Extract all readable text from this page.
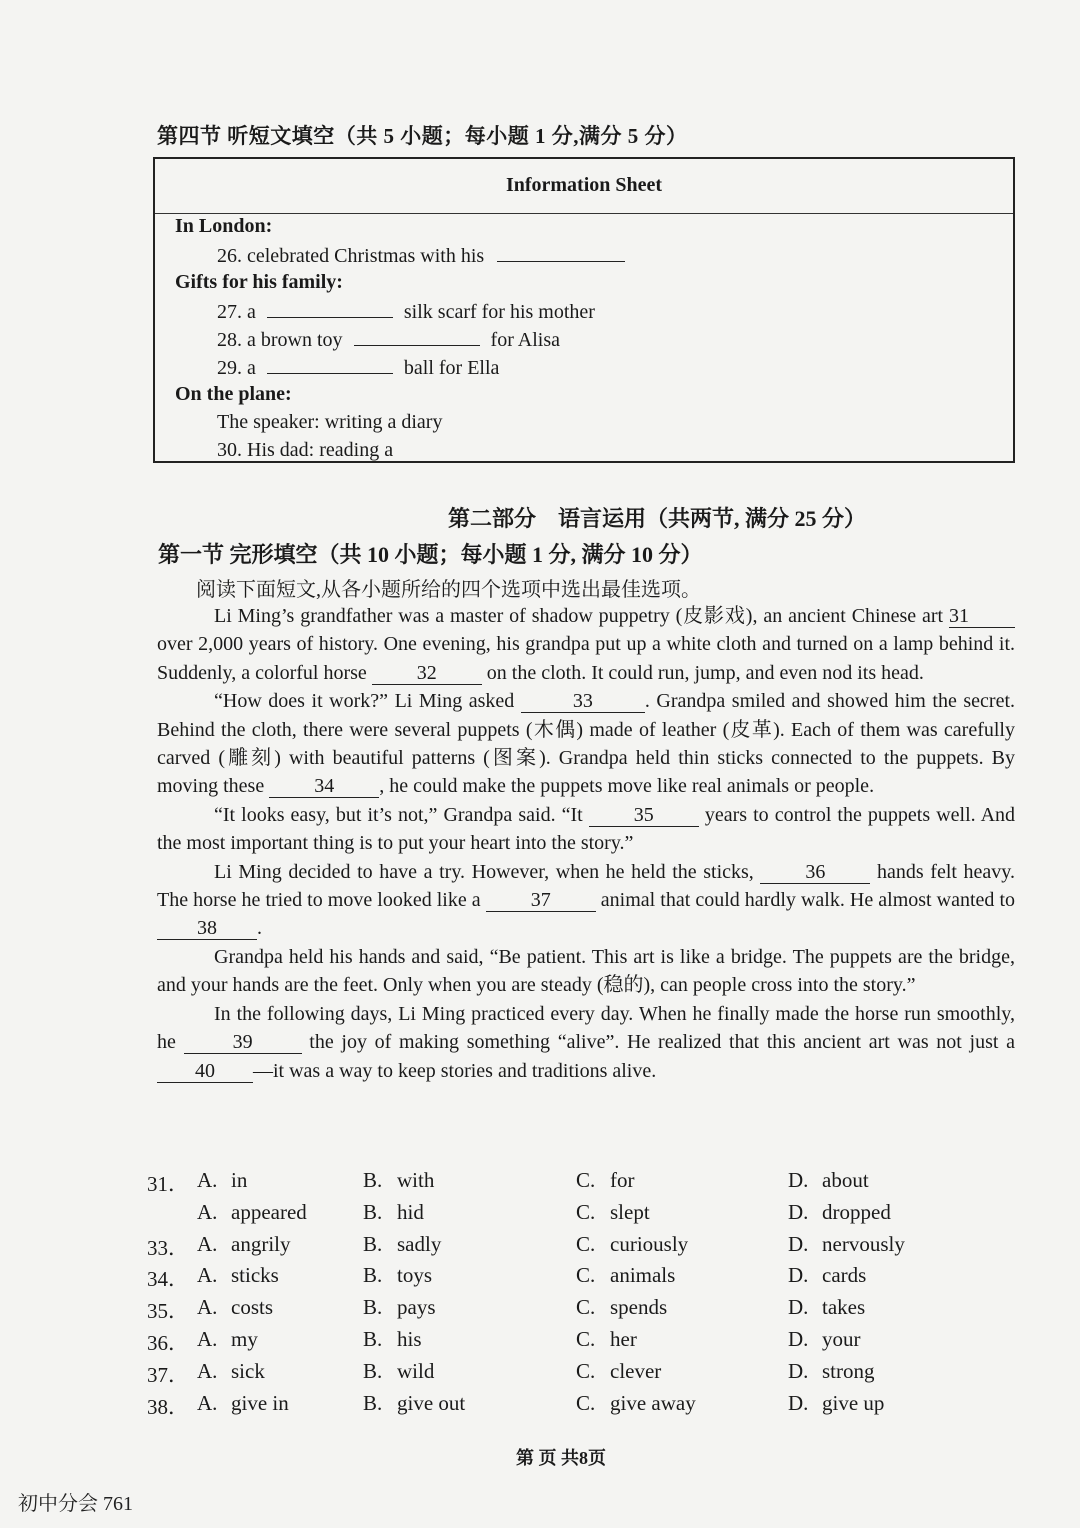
第四节 听短文填空（共 5 小题；每小题 1 分,满分 5 分）
Information Sheet
In London:
26. celebrated Christmas with his
Gifts for his family:
27. a	silk scarf for his mother
28. a brown toy	for Alisa
29. a	ball for Ella
On the plane:
The speaker: writing a diary
30. His dad: reading a
第二部分    语言运用（共两节, 满分 25 分）
第一节 完形填空（共 10 小题；每小题 1 分, 满分 10 分）
阅读下面短文,从各小题所给的四个选项中选出最佳选项。

Li Ming’s grandfather was a master of shadow puppetry (皮影戏), an ancient Chinese art 31 over 2,000 years of history. One evening, his grandpa put up a white cloth and turned on a lamp behind it. Suddenly, a colorful horse	32	on the cloth. It could run, jump, and even nod its head.

“How does it work?” Li Ming asked	33	. Grandpa smiled and showed him the secret. Behind the cloth, there were several puppets (木偶) made of leather (皮革). Each of them was carefully carved (雕刻) with beautiful patterns (图案). Grandpa held thin sticks connected to the puppets. By moving these	34 , he could make the puppets move like real animals or people.

“It looks easy, but it’s not,” Grandpa said. “It	35	years to control the puppets well. And the most important thing is to put your heart into the story.”

Li Ming decided to have a try. However, when he held the sticks,	36	hands felt heavy. The horse he tried to move looked like a	37	animal that could hardly walk. He almost wanted to 38 .

Grandpa held his hands and said, “Be patient. This art is like a bridge. The puppets are the bridge, and your hands are the feet. Only when you are steady (稳的), can people cross into the story.”

In the following days, Li Ming practiced every day. When he finally made the horse run smoothly, he	39	the joy of making something “alive”. He realized that this ancient art was not just a 40 —it was a way to keep stories and traditions alive.

31． A. in	B. with	C. for	D. about
A. appeared	B. hid	C. slept	D. dropped
33． A. angrily	B. sadly	C. curiously	D. nervously
34． A. sticks	B. toys	C. animals	D. cards
35． A. costs	B. pays	C. spends	D. takes
36． A. my	B. his	C. her	D. your
37． A. sick	B. wild	C. clever	D. strong
38． A. give in	B. give out	C. give away	D. give up
第 页 共8页
初中分会 761
